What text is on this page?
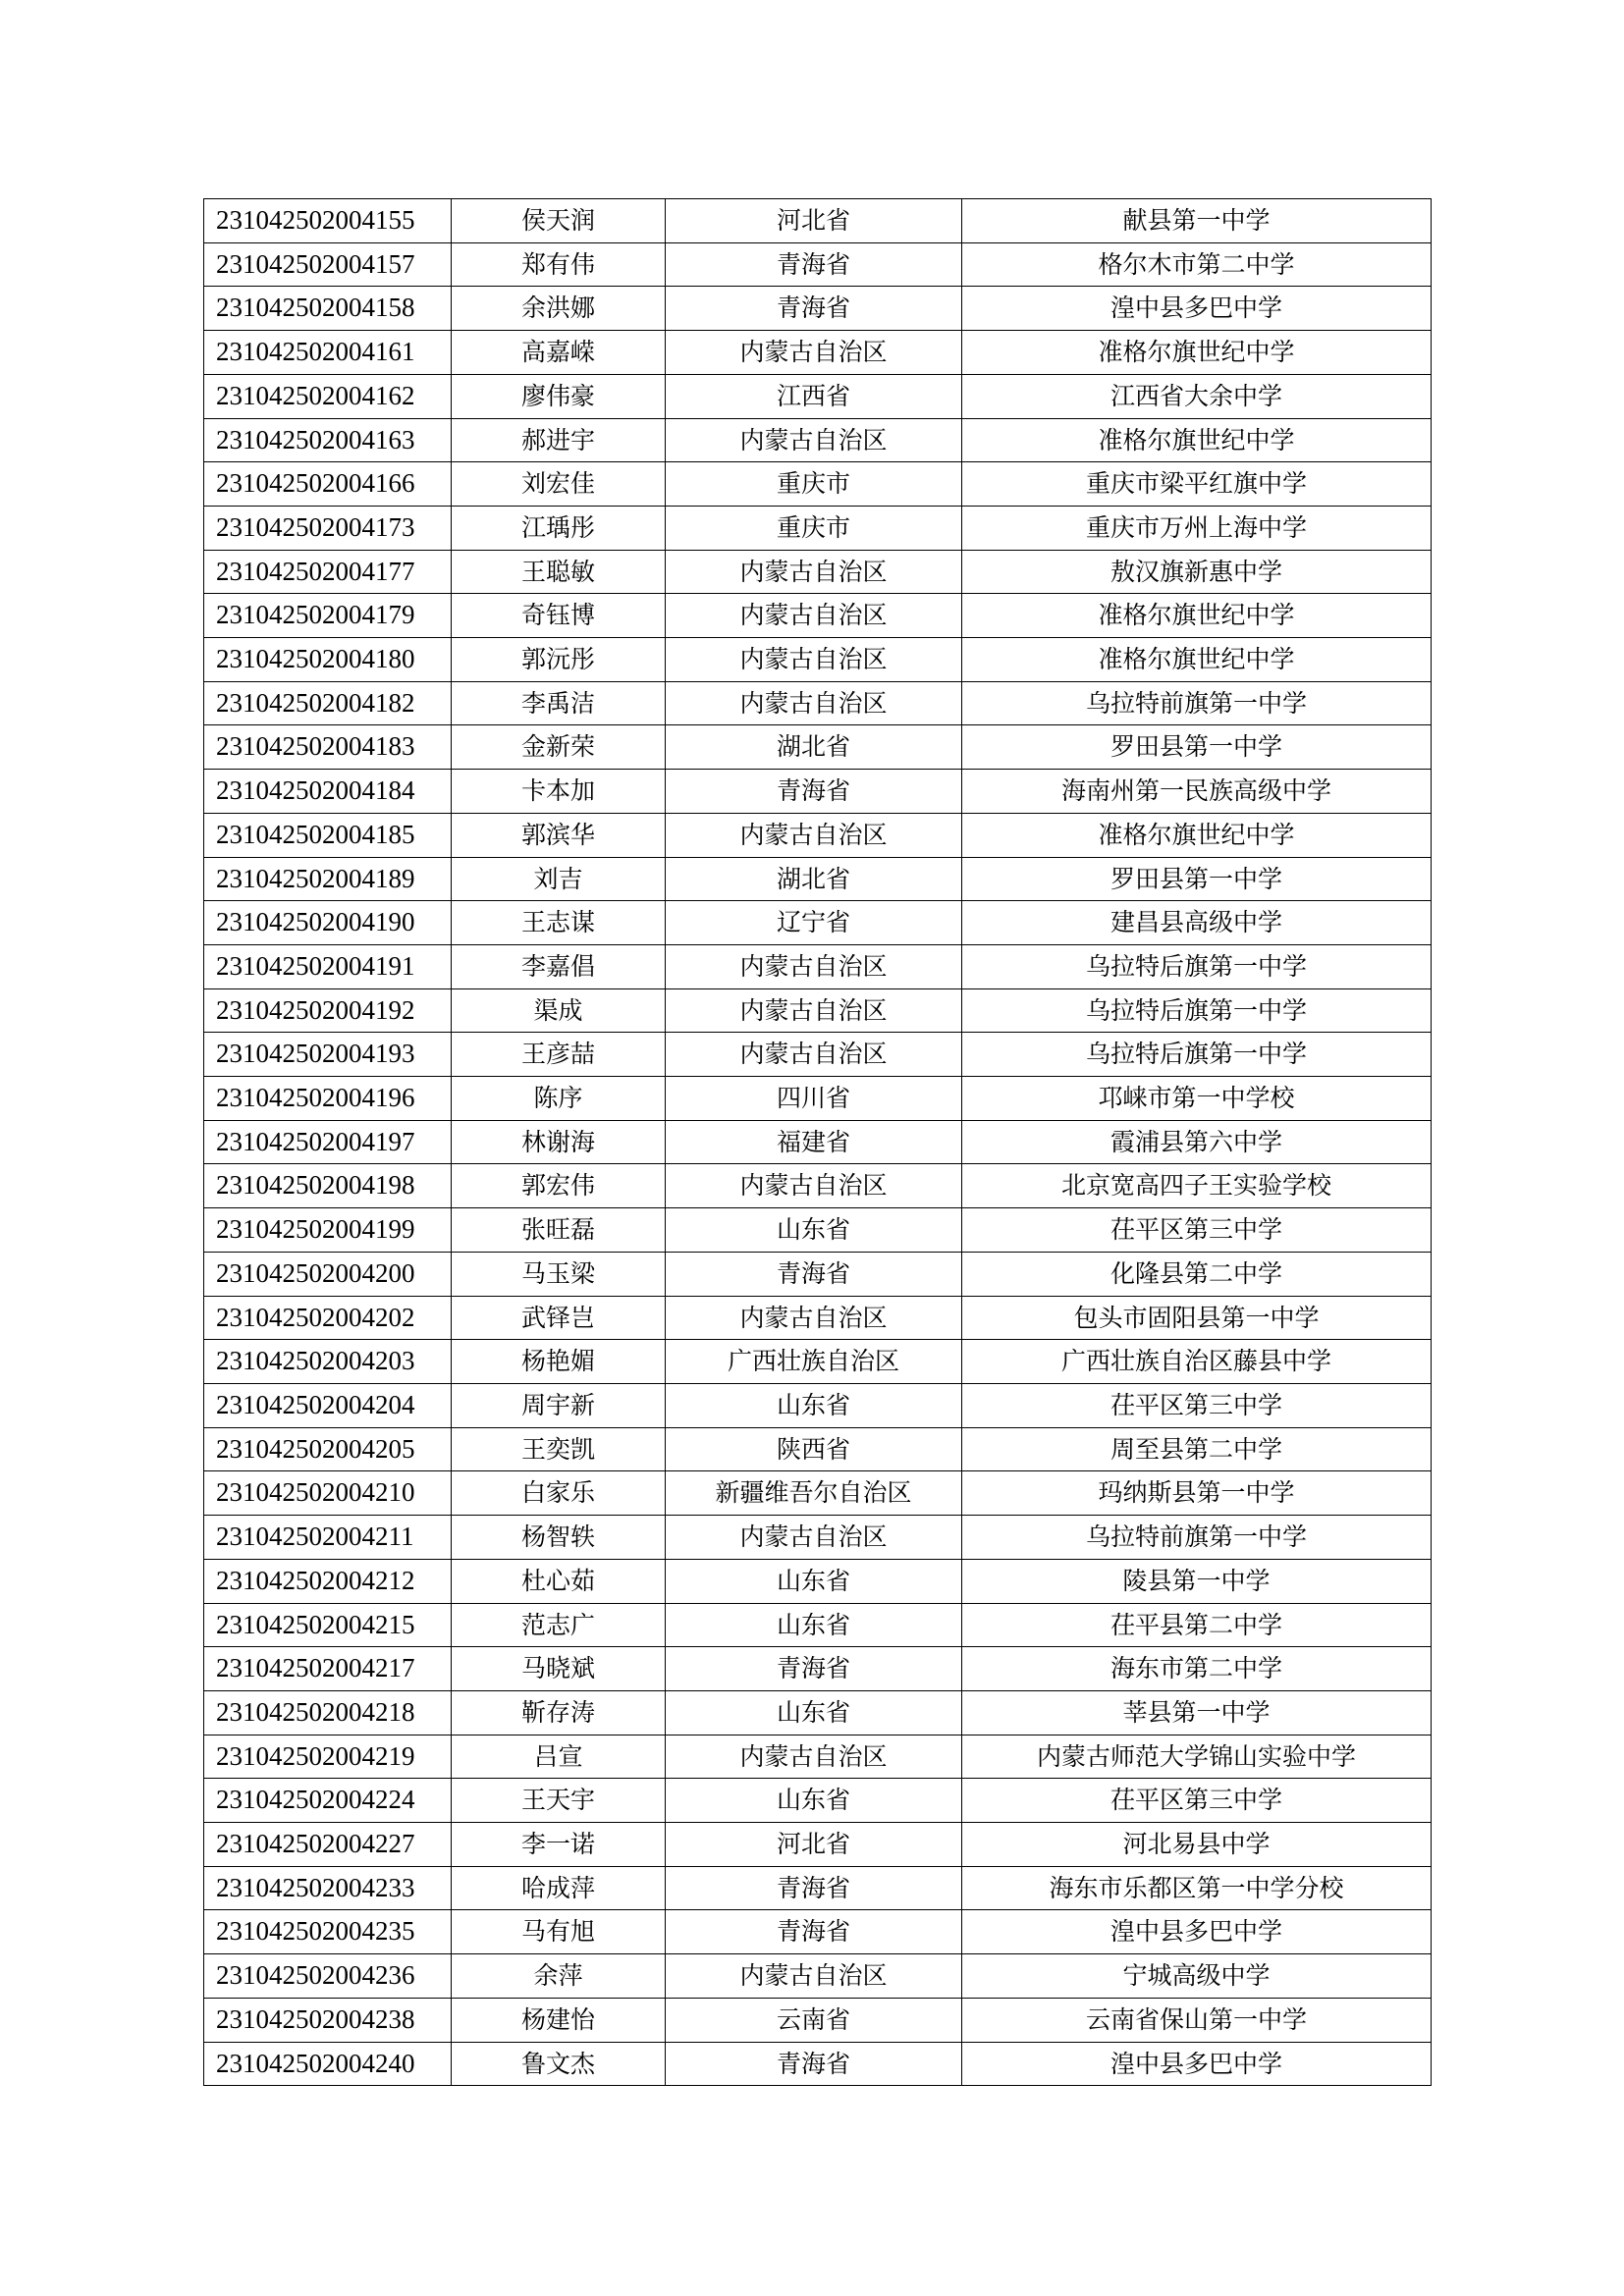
231042502004155	侯天润	河北省	献县第一中学
231042502004157	郑有伟	青海省	格尔木市第二中学
231042502004158	余洪娜	青海省	湟中县多巴中学
231042502004161	高嘉嵘	内蒙古自治区	准格尔旗世纪中学
231042502004162	廖伟豪	江西省	江西省大余中学
231042502004163	郝进宇	内蒙古自治区	准格尔旗世纪中学
231042502004166	刘宏佳	重庆市	重庆市梁平红旗中学
231042502004173	江瑀彤	重庆市	重庆市万州上海中学
231042502004177	王聪敏	内蒙古自治区	敖汉旗新惠中学
231042502004179	奇钰博	内蒙古自治区	准格尔旗世纪中学
231042502004180	郭沅彤	内蒙古自治区	准格尔旗世纪中学
231042502004182	李禹洁	内蒙古自治区	乌拉特前旗第一中学
231042502004183	金新荣	湖北省	罗田县第一中学
231042502004184	卡本加	青海省	海南州第一民族高级中学
231042502004185	郭滨华	内蒙古自治区	准格尔旗世纪中学
231042502004189	刘吉	湖北省	罗田县第一中学
231042502004190	王志谋	辽宁省	建昌县高级中学
231042502004191	李嘉倡	内蒙古自治区	乌拉特后旗第一中学
231042502004192	渠成	内蒙古自治区	乌拉特后旗第一中学
231042502004193	王彦喆	内蒙古自治区	乌拉特后旗第一中学
231042502004196	陈序	四川省	邛崃市第一中学校
231042502004197	林谢海	福建省	霞浦县第六中学
231042502004198	郭宏伟	内蒙古自治区	北京宽高四子王实验学校
231042502004199	张旺磊	山东省	茌平区第三中学
231042502004200	马玉梁	青海省	化隆县第二中学
231042502004202	武铎岂	内蒙古自治区	包头市固阳县第一中学
231042502004203	杨艳媚	广西壮族自治区	广西壮族自治区藤县中学
231042502004204	周宇新	山东省	茌平区第三中学
231042502004205	王奕凯	陕西省	周至县第二中学
231042502004210	白家乐	新疆维吾尔自治区	玛纳斯县第一中学
231042502004211	杨智轶	内蒙古自治区	乌拉特前旗第一中学
231042502004212	杜心茹	山东省	陵县第一中学
231042502004215	范志广	山东省	茌平县第二中学
231042502004217	马晓斌	青海省	海东市第二中学
231042502004218	靳存涛	山东省	莘县第一中学
231042502004219	吕宣	内蒙古自治区	内蒙古师范大学锦山实验中学
231042502004224	王天宇	山东省	茌平区第三中学
231042502004227	李一诺	河北省	河北易县中学
231042502004233	哈成萍	青海省	海东市乐都区第一中学分校
231042502004235	马有旭	青海省	湟中县多巴中学
231042502004236	余萍	内蒙古自治区	宁城高级中学
231042502004238	杨建怡	云南省	云南省保山第一中学
231042502004240	鲁文杰	青海省	湟中县多巴中学
